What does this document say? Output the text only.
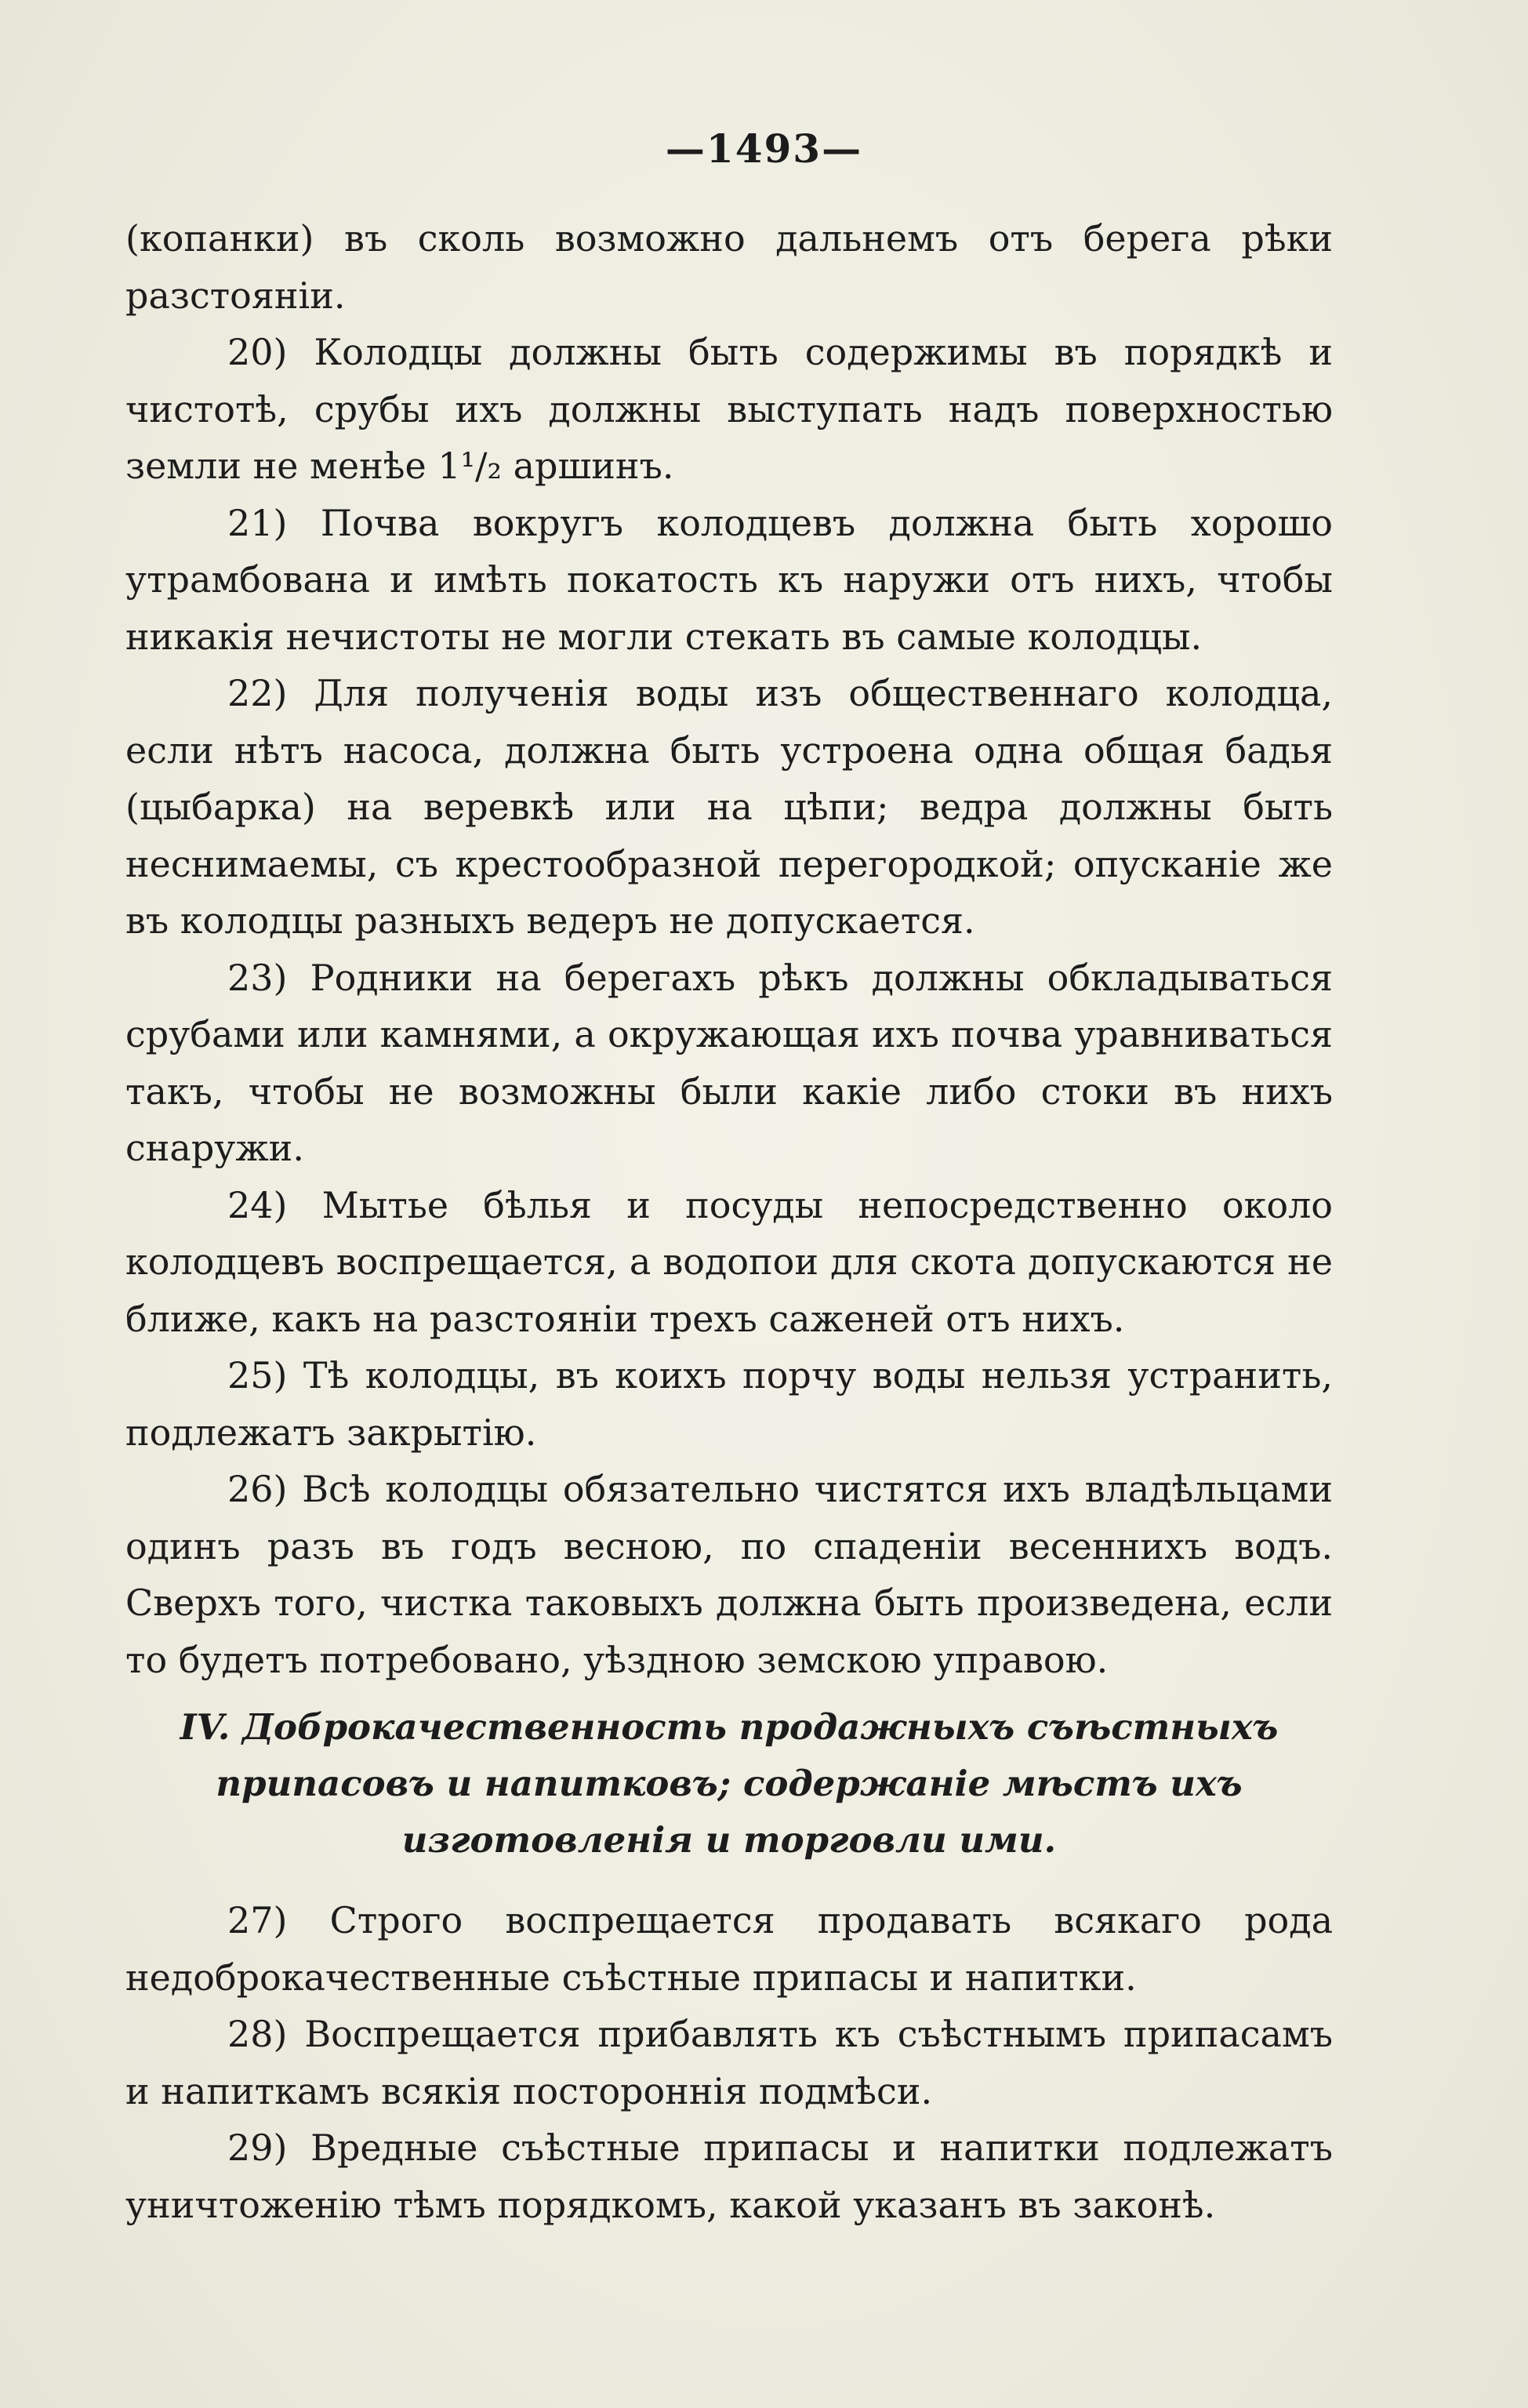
—1493—

(копанки) въ сколь возможно дальнемъ отъ берега рѣки разстоянiи.

20) Колодцы должны быть содержимы въ порядкѣ и чистотѣ, срубы ихъ должны выступать надъ поверхностью земли не менѣе 1¹/₂ аршинъ.

21) Почва вокругъ колодцевъ должна быть хорошо утрамбована и имѣть покатость къ наружи отъ нихъ, чтобы никакiя нечистоты не могли стекать въ самые колодцы.

22) Для полученiя воды изъ общественнаго колодца, если нѣтъ насоса, должна быть устроена одна общая бадья (цыбарка) на веревкѣ или на цѣпи; ведра должны быть неснимаемы, съ крестообразной перегородкой; опусканiе же въ колодцы разныхъ ведеръ не допускается.

23) Родники на берегахъ рѣкъ должны обкладываться срубами или камнями, а окружающая ихъ почва уравниваться такъ, чтобы не возможны были какiе либо стоки въ нихъ снаружи.

24) Мытье бѣлья и посуды непосредственно около колодцевъ воспрещается, а водопои для скота допускаются не ближе, какъ на разстоянiи трехъ саженей отъ нихъ.

25) Тѣ колодцы, въ коихъ порчу воды нельзя устранить, подлежатъ закрытiю.

26) Всѣ колодцы обязательно чистятся ихъ владѣльцами одинъ разъ въ годъ весною, по спаденiи весеннихъ водъ. Сверхъ того, чистка таковыхъ должна быть произведена, если то будетъ потребовано, уѣздною земскою управою.

IV. Доброкачественность продажныхъ съѣстныхъ припасовъ и напитковъ; содержанiе мѣстъ ихъ изготовленiя и торговли ими.

27) Строго воспрещается продавать всякаго рода недоброкачественные съѣстные припасы и напитки.

28) Воспрещается прибавлять къ съѣстнымъ припасамъ и напиткамъ всякiя постороннiя подмѣси.

29) Вредные съѣстные припасы и напитки подлежатъ уничтоженiю тѣмъ порядкомъ, какой указанъ въ законѣ.
